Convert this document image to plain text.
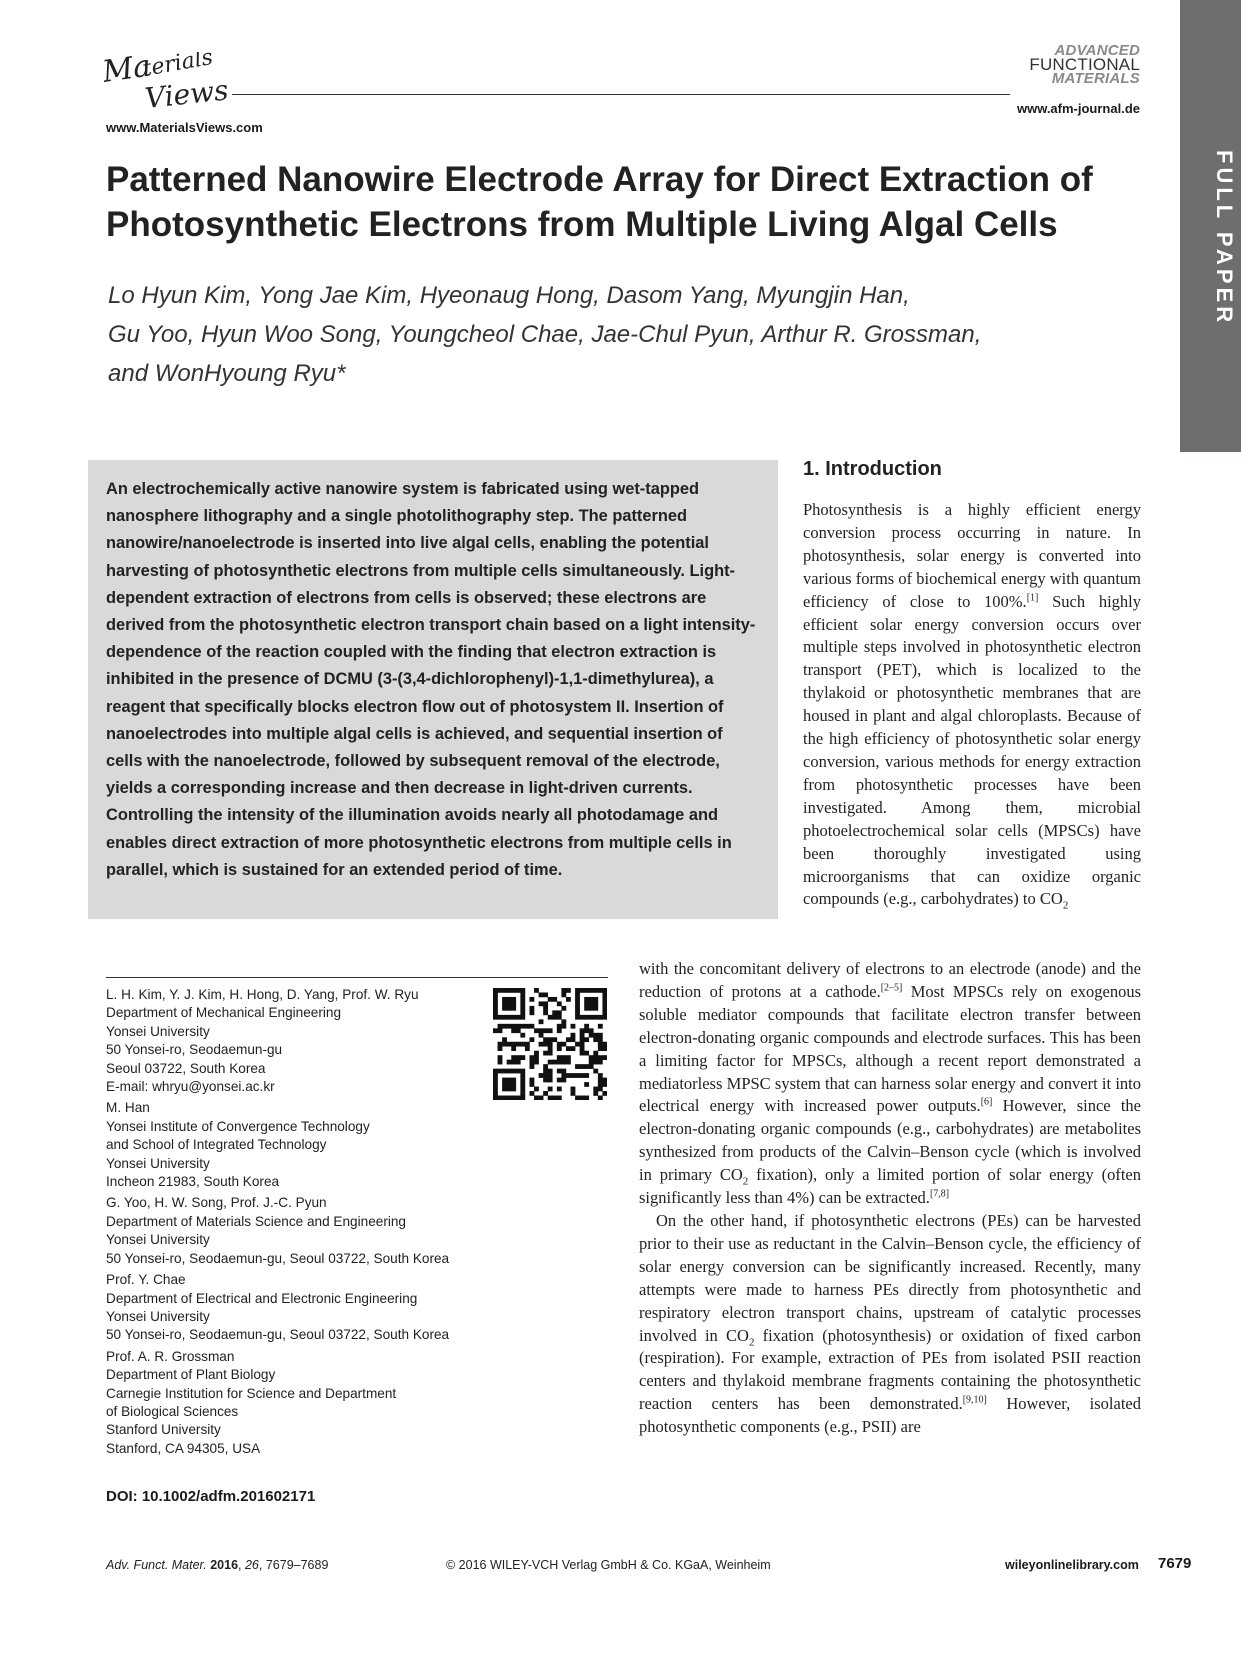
Ma
terials
Views
www.MaterialsViews.com
ADVANCED
FUNCTIONAL
MATERIALS
www.afm-journal.de
FULL PAPER
Patterned Nanowire Electrode Array for Direct Extraction of Photosynthetic Electrons from Multiple Living Algal Cells
Lo Hyun Kim, Yong Jae Kim, Hyeonaug Hong, Dasom Yang, Myungjin Han,
Gu Yoo, Hyun Woo Song, Youngcheol Chae, Jae-Chul Pyun, Arthur R. Grossman,
and WonHyoung Ryu*
An electrochemically active nanowire system is fabricated using wet-tapped nanosphere lithography and a single photolithography step. The patterned nanowire/nanoelectrode is inserted into live algal cells, enabling the potential harvesting of photosynthetic electrons from multiple cells simultaneously. Light-dependent extraction of electrons from cells is observed; these electrons are derived from the photosynthetic electron transport chain based on a light intensity-dependence of the reaction coupled with the finding that electron extraction is inhibited in the presence of DCMU (3-(3,4-dichlorophenyl)-1,1-dimethylurea), a reagent that specifically blocks electron flow out of photosystem II. Insertion of nanoelectrodes into multiple algal cells is achieved, and sequential insertion of cells with the nanoelectrode, followed by subsequent removal of the electrode, yields a corresponding increase and then decrease in light-driven currents. Controlling the intensity of the illumination avoids nearly all photodamage and enables direct extraction of more photosynthetic electrons from multiple cells in parallel, which is sustained for an extended period of time.
1. Introduction

Photosynthesis is a highly efficient energy conversion process occurring in nature. In photosynthesis, solar energy is converted into various forms of biochemical energy with quantum efficiency of close to 100%.[1] Such highly efficient solar energy conversion occurs over multiple steps involved in photosynthetic electron transport (PET), which is localized to the thylakoid or photosynthetic membranes that are housed in plant and algal chloroplasts. Because of the high efficiency of photosynthetic solar energy conversion, various methods for energy extraction from photosynthetic processes have been investigated. Among them, microbial photoelectrochemical solar cells (MPSCs) have been thoroughly investigated using microorganisms that can oxidize organic compounds (e.g., carbohydrates) to $CO_2$

with the concomitant delivery of electrons to an electrode (anode) and the reduction of protons at a cathode.[2–5] Most MPSCs rely on exogenous soluble mediator compounds that facilitate electron transfer between electron-donating organic compounds and electrode surfaces. This has been a limiting factor for MPSCs, although a recent report demonstrated a mediatorless MPSC system that can harness solar energy and convert it into electrical energy with increased power outputs.[6] However, since the electron-donating organic compounds (e.g., carbohydrates) are metabolites synthesized from products of the Calvin–Benson cycle (which is involved in primary $CO_2$ fixation), only a limited portion of solar energy (often significantly less than 4%) can be extracted.[7,8]

On the other hand, if photosynthetic electrons (PEs) can be harvested prior to their use as reductant in the Calvin–Benson cycle, the efficiency of solar energy conversion can be significantly increased. Recently, many attempts were made to harness PEs directly from photosynthetic and respiratory electron transport chains, upstream of catalytic processes involved in $CO_2$ fixation (photosynthesis) or oxidation of fixed carbon (respiration). For example, extraction of PEs from isolated PSII reaction centers and thylakoid membrane fragments containing the photosynthetic reaction centers has been demonstrated.[9,10] However, isolated photosynthetic components (e.g., PSII) are

L. H. Kim, Y. J. Kim, H. Hong, D. Yang, Prof. W. Ryu
Department of Mechanical Engineering
Yonsei University
50 Yonsei-ro, Seodaemun-gu
Seoul 03722, South Korea
E-mail: whryu@yonsei.ac.kr
M. Han
Yonsei Institute of Convergence Technology
and School of Integrated Technology
Yonsei University
Incheon 21983, South Korea
G. Yoo, H. W. Song, Prof. J.-C. Pyun
Department of Materials Science and Engineering
Yonsei University
50 Yonsei-ro, Seodaemun-gu, Seoul 03722, South Korea
Prof. Y. Chae
Department of Electrical and Electronic Engineering
Yonsei University
50 Yonsei-ro, Seodaemun-gu, Seoul 03722, South Korea
Prof. A. R. Grossman
Department of Plant Biology
Carnegie Institution for Science and Department
of Biological Sciences
Stanford University
Stanford, CA 94305, USA
DOI: 10.1002/adfm.201602171
Adv. Funct. Mater. 2016, 26, 7679–7689	© 2016 WILEY-VCH Verlag GmbH & Co. KGaA, Weinheim	wileyonlinelibrary.com 7679
